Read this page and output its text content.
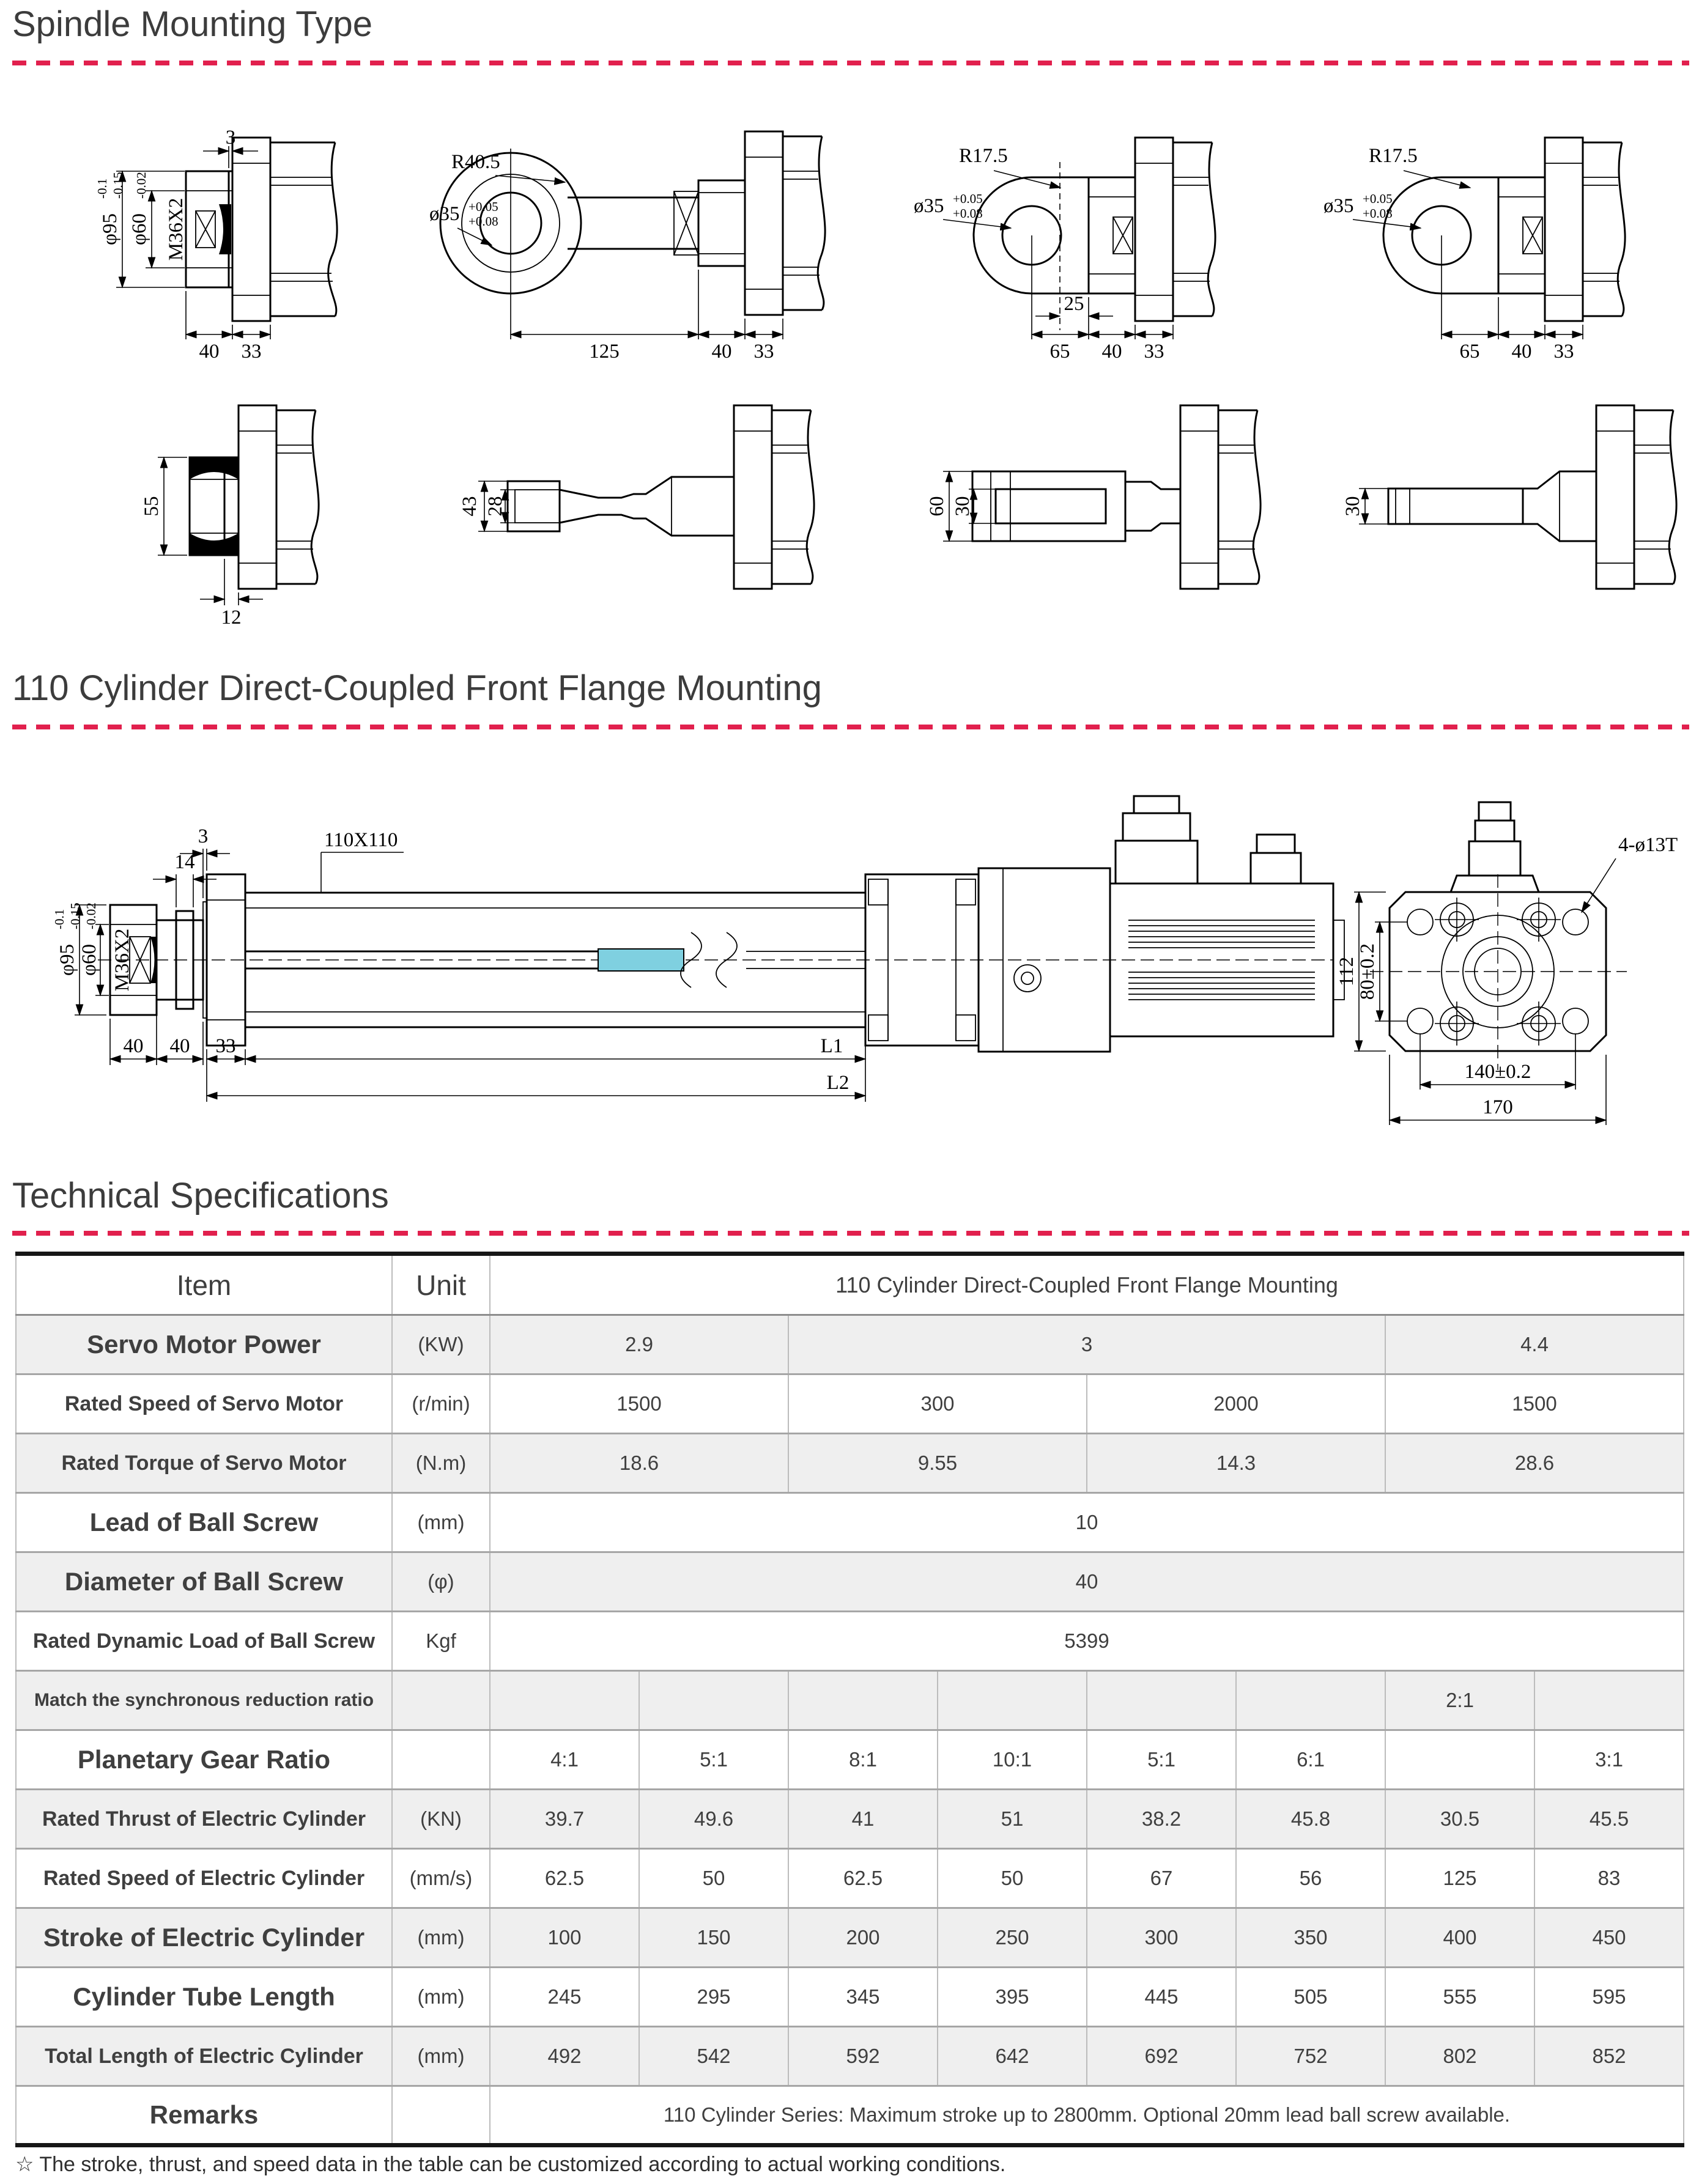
Spindle Mounting Type
3
φ95
-0.1 -0.15
φ60
-0.02
M36X2
40 33
R40.5
ø35 +0.05
+0.08
125	40 33
R17.5
ø35 +0.05
+0.08
25
65 40 33
R17.5
ø35 +0.05
+0.08
65 40 33
55
12
43 28	60 30	30
110 Cylinder Direct-Coupled Front Flange Mounting
φ95
-0.1 -0.15
φ60
-0.02
M36X2
14
3	110X110
40 40 33	L1
L2
112
80±0.2
140±0.2
170
4-ø13T
Technical Specifications
Item	Unit	110 Cylinder Direct-Coupled Front Flange Mounting							
Servo Motor Power	(KW)	2.9		3				4.4	
Rated Speed of Servo Motor	(r/min)	1500		300		2000		1500	
Rated Torque of Servo Motor	(N.m)	18.6		9.55		14.3		28.6	
Lead of Ball Screw	(mm)	10							
Diameter of Ball Screw	(φ)	40							
Rated Dynamic Load of Ball Screw	Kgf	5399							
Match the synchronous reduction ratio								2:1	
Planetary Gear Ratio		4:1	5:1	8:1	10:1	5:1	6:1		3:1
Rated Thrust of Electric Cylinder	(KN)	39.7	49.6	41	51	38.2	45.8	30.5	45.5
Rated Speed of Electric Cylinder	(mm/s)	62.5	50	62.5	50	67	56	125	83
Stroke of Electric Cylinder	(mm)	100	150	200	250	300	350	400	450
Cylinder Tube Length	(mm)	245	295	345	395	445	505	555	595
Total Length of Electric Cylinder	(mm)	492	542	592	642	692	752	802	852
Remarks		110 Cylinder Series: Maximum stroke up to 2800mm. Optional 20mm lead ball screw available.							
☆ The stroke, thrust, and speed data in the table can be customized according to actual working conditions.
